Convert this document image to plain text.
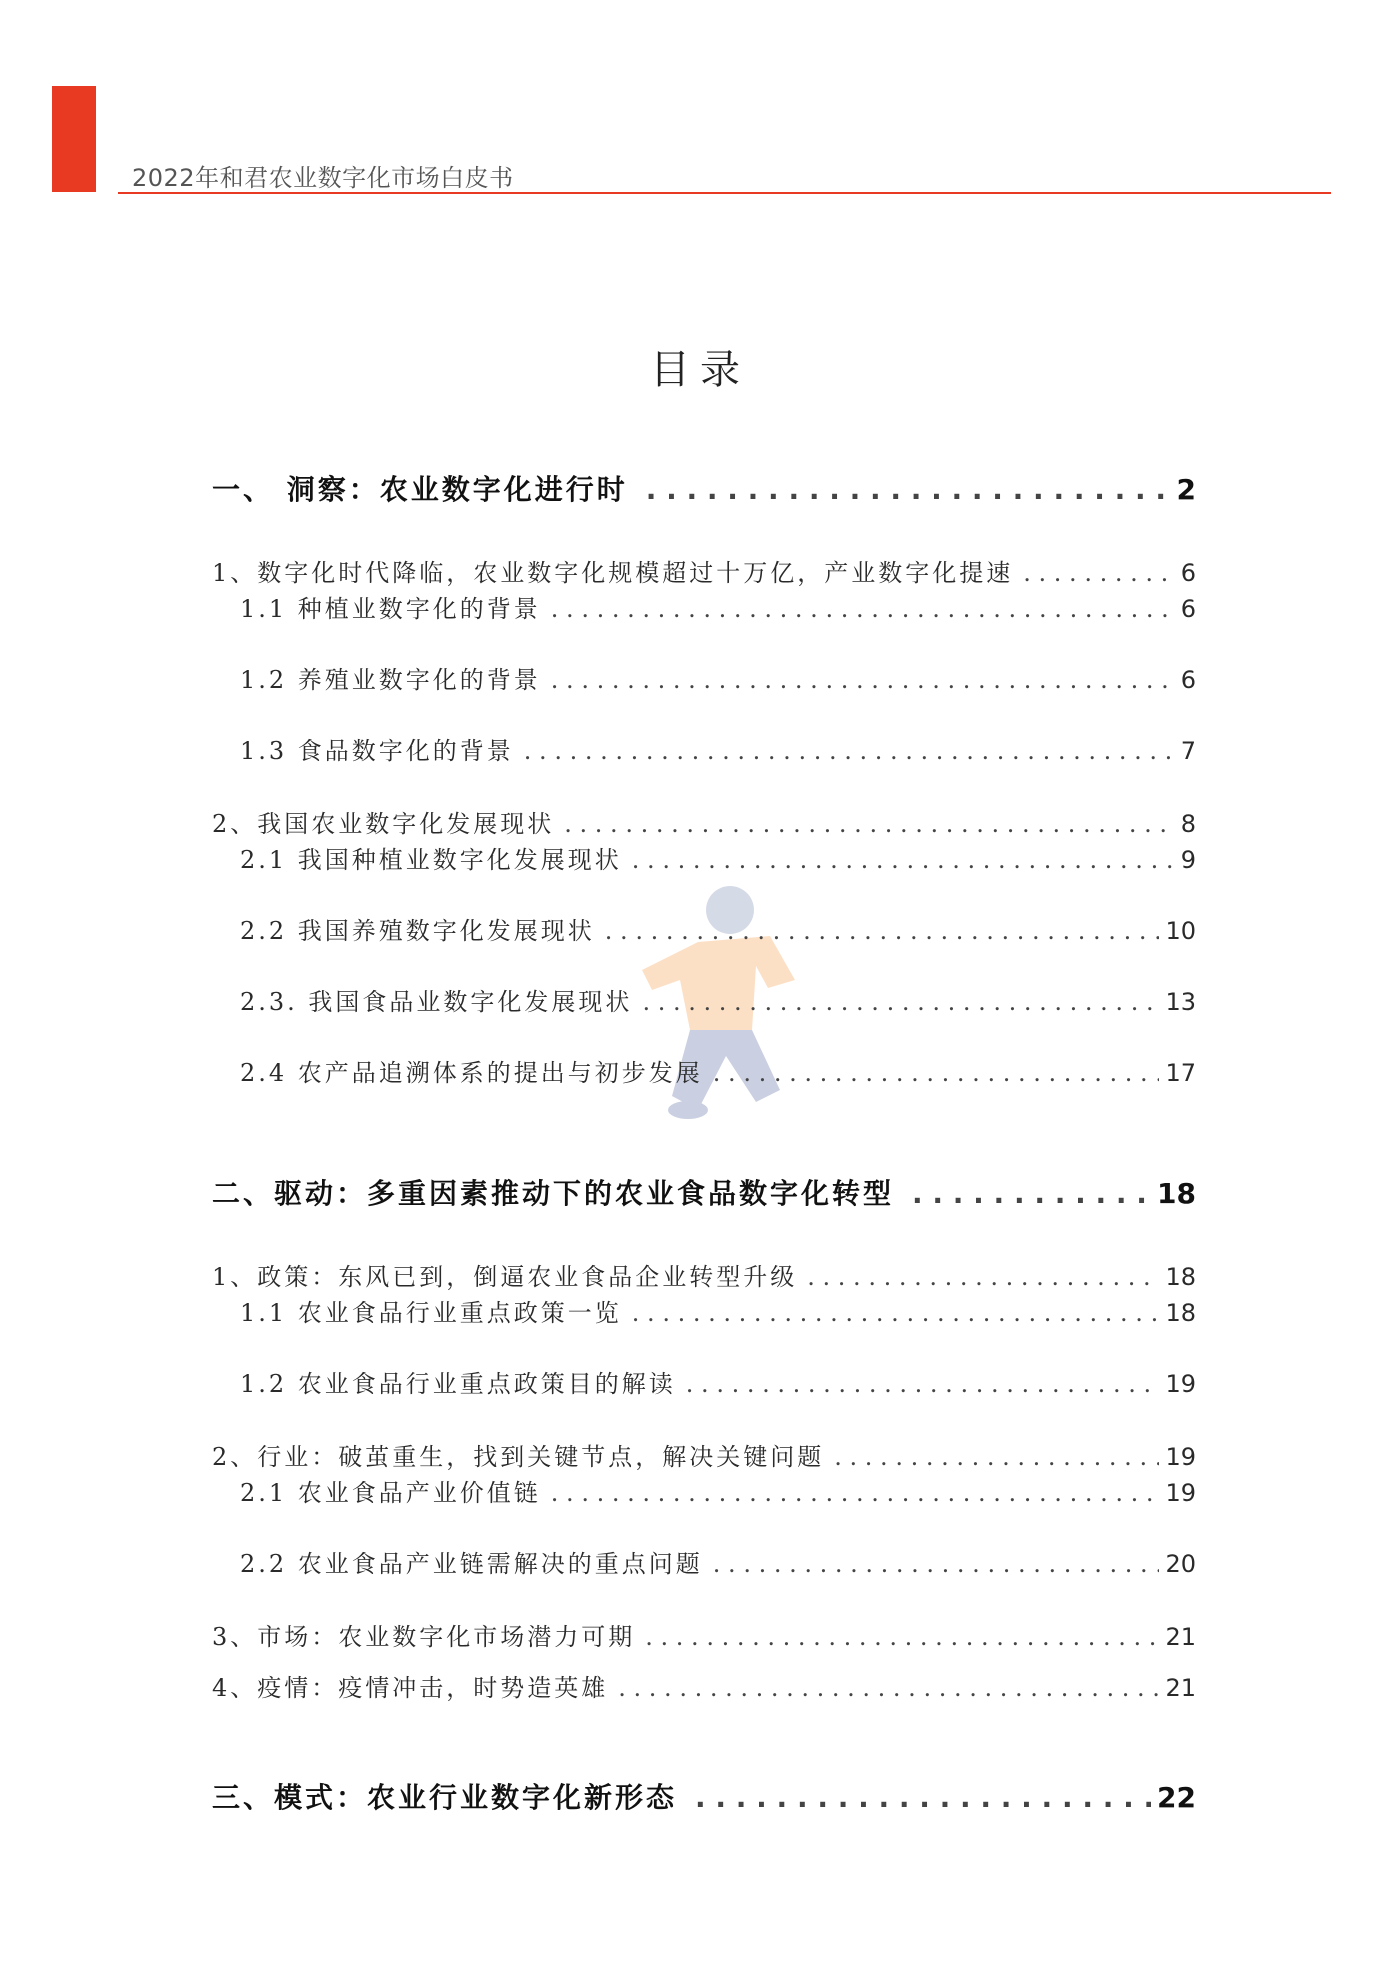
2022年和君农业数字化市场白皮书
目录
一、 洞察：农业数字化进行时 . . .	2
1、数字化时代降临，农业数字化规模超过十万亿，产业数字化提速 . . .	6
1.1 种植业数字化的背景 . . .	6
1.2 养殖业数字化的背景 . . .	6
1.3 食品数字化的背景 . . .	7
2、我国农业数字化发展现状 . . .	8
2.1 我国种植业数字化发展现状 . . .	9
2.2 我国养殖数字化发展现状 . . .	10
2.3. 我国食品业数字化发展现状 . . .	13
2.4 农产品追溯体系的提出与初步发展 . . .	17
二、驱动：多重因素推动下的农业食品数字化转型 . . .	18
1、政策：东风已到，倒逼农业食品企业转型升级 . . .	18
1.1 农业食品行业重点政策一览 . . .	18
1.2 农业食品行业重点政策目的解读 . . .	19
2、行业：破茧重生，找到关键节点，解决关键问题 . . .	19
2.1 农业食品产业价值链 . . .	19
2.2 农业食品产业链需解决的重点问题 . . .	20
3、市场：农业数字化市场潜力可期 . . .	21
4、疫情：疫情冲击，时势造英雄 . . .	21
三、模式：农业行业数字化新形态 . . .	22
